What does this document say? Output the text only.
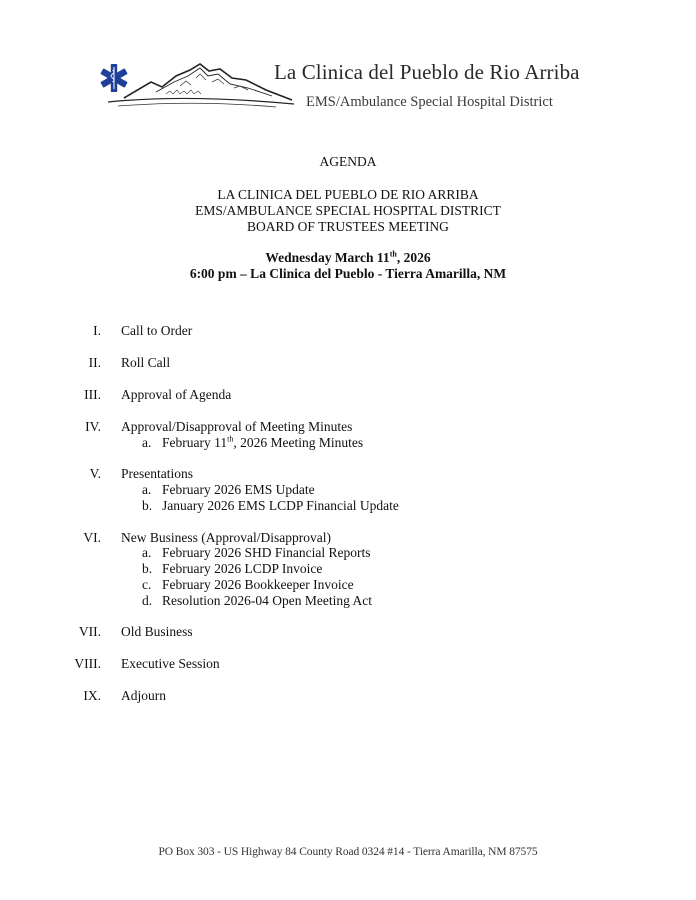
La Clinica del Pueblo de Rio Arriba
EMS/Ambulance Special Hospital District
AGENDA
LA CLINICA DEL PUEBLO DE RIO ARRIBA
EMS/AMBULANCE SPECIAL HOSPITAL DISTRICT
BOARD OF TRUSTEES MEETING
Wednesday March 11th, 2026
6:00 pm – La Clinica del Pueblo - Tierra Amarilla, NM
I. Call to Order
II. Roll Call
III. Approval of Agenda
IV. Approval/Disapproval of Meeting Minutes
a. February 11th, 2026 Meeting Minutes
V. Presentations
a. February 2026 EMS Update
b. January 2026 EMS LCDP Financial Update
VI. New Business (Approval/Disapproval)
a. February 2026 SHD Financial Reports
b. February 2026 LCDP Invoice
c. February 2026 Bookkeeper Invoice
d. Resolution 2026-04 Open Meeting Act
VII. Old Business
VIII. Executive Session
IX. Adjourn
PO Box 303 - US Highway 84 County Road 0324 #14 - Tierra Amarilla, NM 87575
